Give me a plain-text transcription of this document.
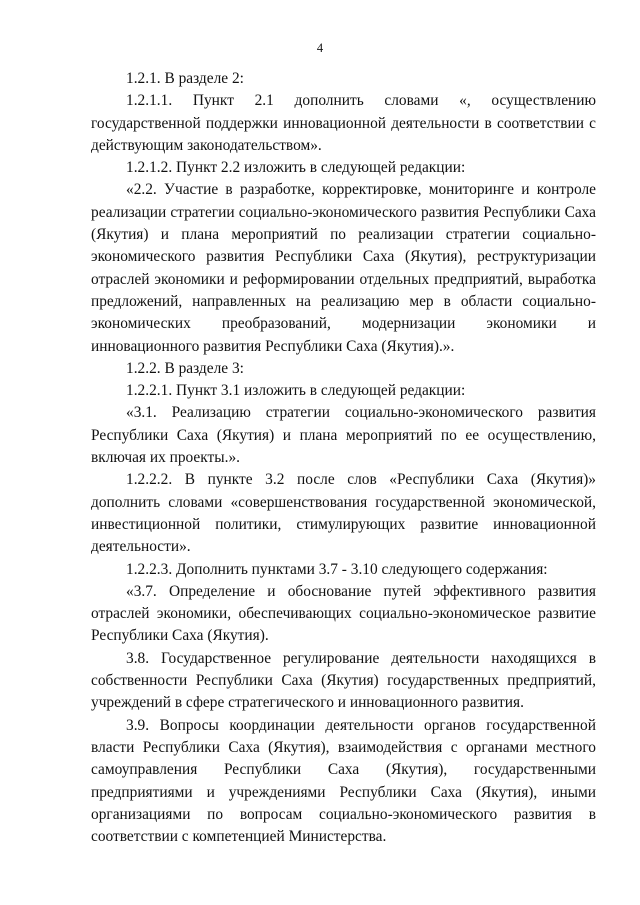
4

1.2.1. В разделе 2:

1.2.1.1. Пункт 2.1 дополнить словами «, осуществлению государственной поддержки инновационной деятельности в соответствии с действующим законодательством».

1.2.1.2. Пункт 2.2 изложить в следующей редакции:

«2.2. Участие в разработке, корректировке, мониторинге и контроле реализации стратегии социально-экономического развития Республики Саха (Якутия) и плана мероприятий по реализации стратегии социально-экономического развития Республики Саха (Якутия), реструктуризации отраслей экономики и реформировании отдельных предприятий, выработка предложений, направленных на реализацию мер в области социально-экономических преобразований, модернизации экономики и инновационного развития Республики Саха (Якутия).».

1.2.2. В разделе 3:

1.2.2.1. Пункт 3.1 изложить в следующей редакции:

«3.1. Реализацию стратегии социально-экономического развития Республики Саха (Якутия) и плана мероприятий по ее осуществлению, включая их проекты.».

1.2.2.2. В пункте 3.2 после слов «Республики Саха (Якутия)» дополнить словами «совершенствования государственной экономической, инвестиционной политики, стимулирующих развитие инновационной деятельности».

1.2.2.3. Дополнить пунктами 3.7 - 3.10 следующего содержания:

«3.7. Определение и обоснование путей эффективного развития отраслей экономики, обеспечивающих социально-экономическое развитие Республики Саха (Якутия).

3.8. Государственное регулирование деятельности находящихся в собственности Республики Саха (Якутия) государственных предприятий, учреждений в сфере стратегического и инновационного развития.

3.9. Вопросы координации деятельности органов государственной власти Республики Саха (Якутия), взаимодействия с органами местного самоуправления Республики Саха (Якутия), государственными предприятиями и учреждениями Республики Саха (Якутия), иными организациями по вопросам социально-экономического развития в соответствии с компетенцией Министерства.
